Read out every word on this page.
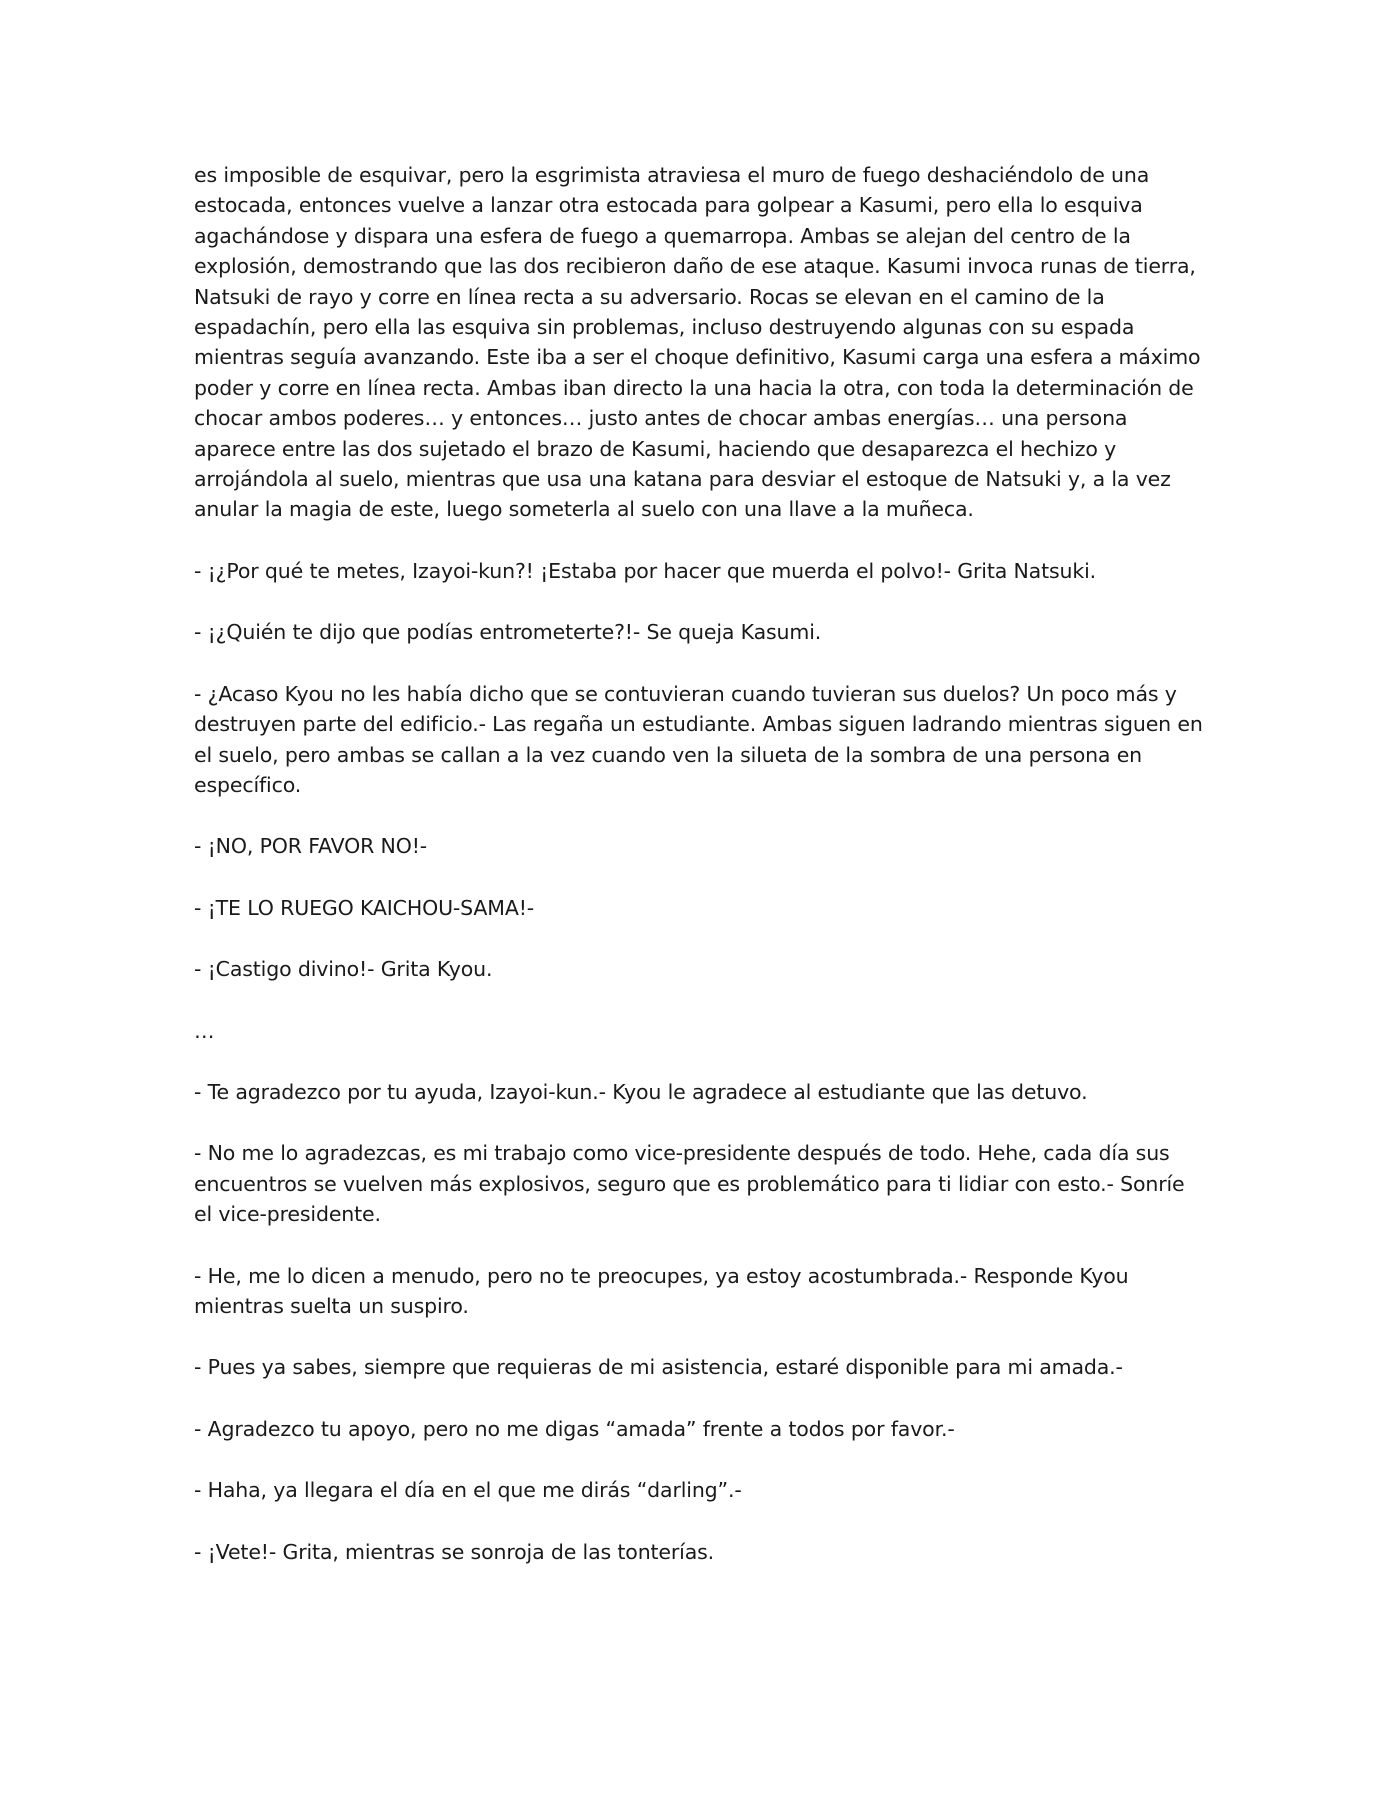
es imposible de esquivar, pero la esgrimista atraviesa el muro de fuego deshaciéndolo de una estocada, entonces vuelve a lanzar otra estocada para golpear a Kasumi, pero ella lo esquiva agachándose y dispara una esfera de fuego a quemarropa. Ambas se alejan del centro de la explosión, demostrando que las dos recibieron daño de ese ataque. Kasumi invoca runas de tierra, Natsuki de rayo y corre en línea recta a su adversario. Rocas se elevan en el camino de la espadachín, pero ella las esquiva sin problemas, incluso destruyendo algunas con su espada mientras seguía avanzando. Este iba a ser el choque definitivo, Kasumi carga una esfera a máximo poder y corre en línea recta. Ambas iban directo la una hacia la otra, con toda la determinación de chocar ambos poderes… y entonces… justo antes de chocar ambas energías… una persona aparece entre las dos sujetado el brazo de Kasumi, haciendo que desaparezca el hechizo y arrojándola al suelo, mientras que usa una katana para desviar el estoque de Natsuki y, a la vez anular la magia de este, luego someterla al suelo con una llave a la muñeca.

- ¡¿Por qué te metes, Izayoi-kun?! ¡Estaba por hacer que muerda el polvo!- Grita Natsuki.

- ¡¿Quién te dijo que podías entrometerte?!- Se queja Kasumi.

- ¿Acaso Kyou no les había dicho que se contuvieran cuando tuvieran sus duelos? Un poco más y destruyen parte del edificio.- Las regaña un estudiante. Ambas siguen ladrando mientras siguen en el suelo, pero ambas se callan a la vez cuando ven la silueta de la sombra de una persona en específico.

- ¡NO, POR FAVOR NO!-

- ¡TE LO RUEGO KAICHOU-SAMA!-

- ¡Castigo divino!- Grita Kyou.

…

- Te agradezco por tu ayuda, Izayoi-kun.- Kyou le agradece al estudiante que las detuvo.

- No me lo agradezcas, es mi trabajo como vice-presidente después de todo. Hehe, cada día sus encuentros se vuelven más explosivos, seguro que es problemático para ti lidiar con esto.- Sonríe el vice-presidente.

- He, me lo dicen a menudo, pero no te preocupes, ya estoy acostumbrada.- Responde Kyou mientras suelta un suspiro.

- Pues ya sabes, siempre que requieras de mi asistencia, estaré disponible para mi amada.-

- Agradezco tu apoyo, pero no me digas “amada” frente a todos por favor.-

- Haha, ya llegara el día en el que me dirás “darling”.-

- ¡Vete!- Grita, mientras se sonroja de las tonterías.
